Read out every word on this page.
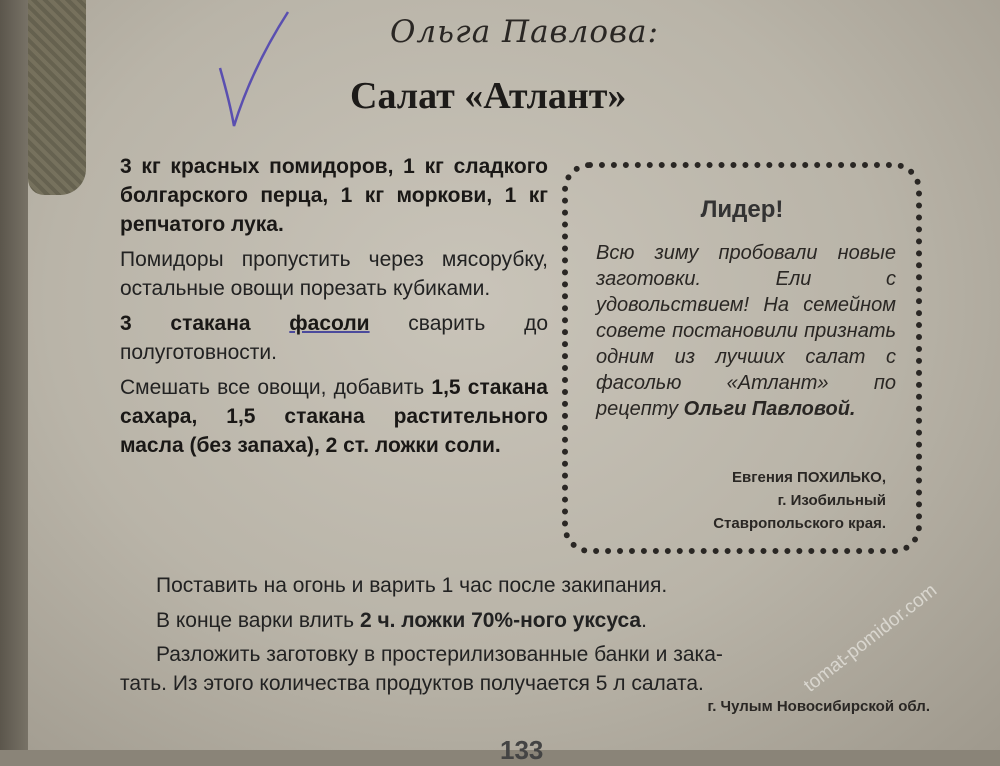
Ольга Павлова:
Салат «Атлант»

3 кг красных помидоров, 1 кг сладкого болгарского перца, 1 кг моркови, 1 кг репчатого лука.

Помидоры пропустить через мясорубку, остальные овощи порезать кубиками.

3 стакана фасоли сварить до полуготовности.

Смешать все овощи, добавить 1,5 стакана сахара, 1,5 стакана растительного масла (без запаха), 2 ст. ложки соли.

Лидер!
Всю зиму пробовали новые заготовки. Ели с удовольствием! На семейном совете постановили признать одним из лучших салат с фасолью «Атлант» по рецепту Ольги Павловой.
Евгения ПОХИЛЬКО,
г. Изобильный
Ставропольского края.
Поставить на огонь и варить 1 час после закипания.
В конце варки влить 2 ч. ложки 70%-ного уксуса.
Разложить заготовку в простерилизованные банки и зака-
тать. Из этого количества продуктов получается 5 л салата.
г. Чулым Новосибирской обл.
tomat-pomidor.com
133
